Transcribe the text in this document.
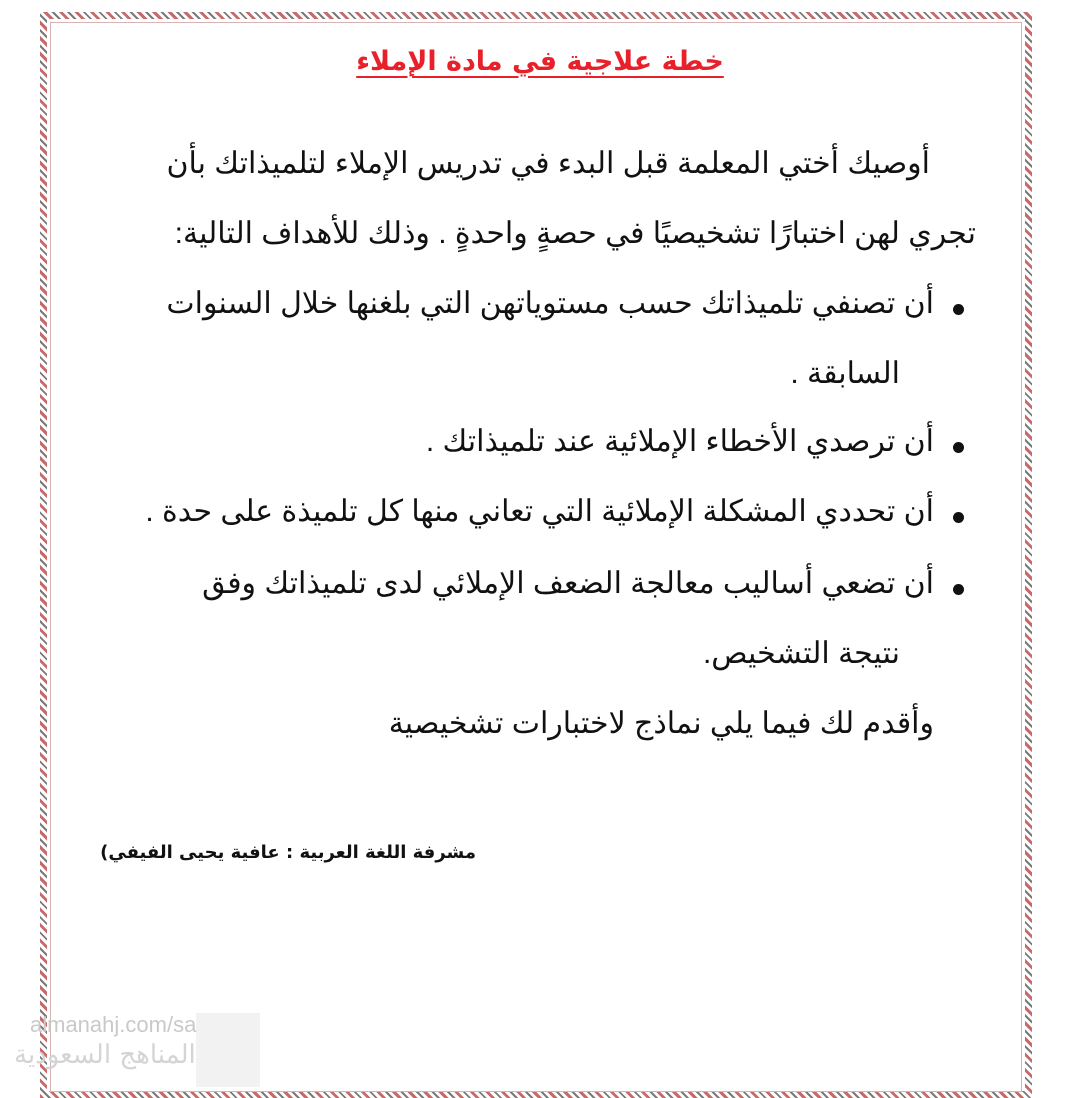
خطة علاجية في مادة الإملاء
أوصيك أختي المعلمة قبل البدء في تدريس الإملاء لتلميذاتك بأن
تجري لهن اختبارًا تشخيصيًا في حصةٍ واحدةٍ . وذلك للأهداف التالية:
أن تصنفي تلميذاتك حسب مستوياتهن التي بلغنها خلال السنوات
السابقة .
أن ترصدي الأخطاء الإملائية عند تلميذاتك .
أن تحددي المشكلة الإملائية التي تعاني منها كل تلميذة على حدة .
أن تضعي أساليب معالجة الضعف الإملائي لدى تلميذاتك وفق
نتيجة التشخيص.
وأقدم لك فيما يلي نماذج لاختبارات تشخيصية
مشرفة اللغة العربية : عافية يحيى الفيفي)
almanahj.com/sa
المناهج السعودية
